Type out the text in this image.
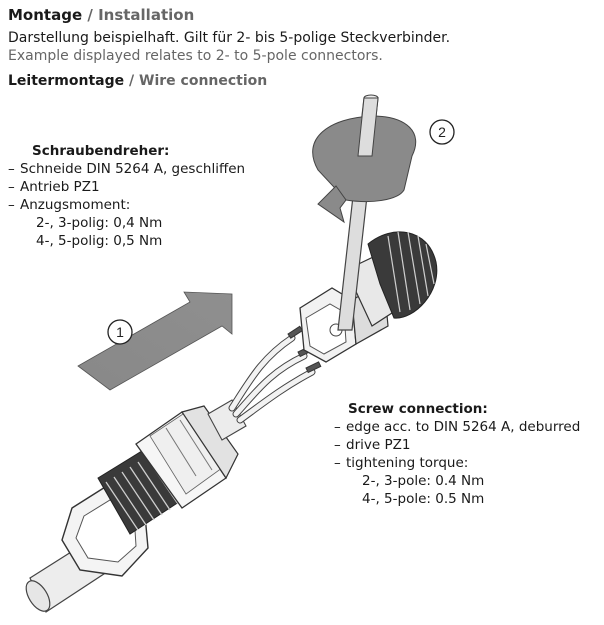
Montage / Installation
Darstellung beispielhaft. Gilt für 2- bis 5-polige Steckverbinder.
Example displayed relates to 2- to 5-pole connectors.
Leitermontage / Wire connection
1
2
Schraubendreher:
– Schneide DIN 5264 A, geschliffen
– Antrieb PZ1
– Anzugsmoment:
2-, 3-polig: 0,4 Nm
4-, 5-polig: 0,5 Nm
Screw connection:
– edge acc. to DIN 5264 A, deburred
– drive PZ1
– tightening torque:
2-, 3-pole: 0.4 Nm
4-, 5-pole: 0.5 Nm
